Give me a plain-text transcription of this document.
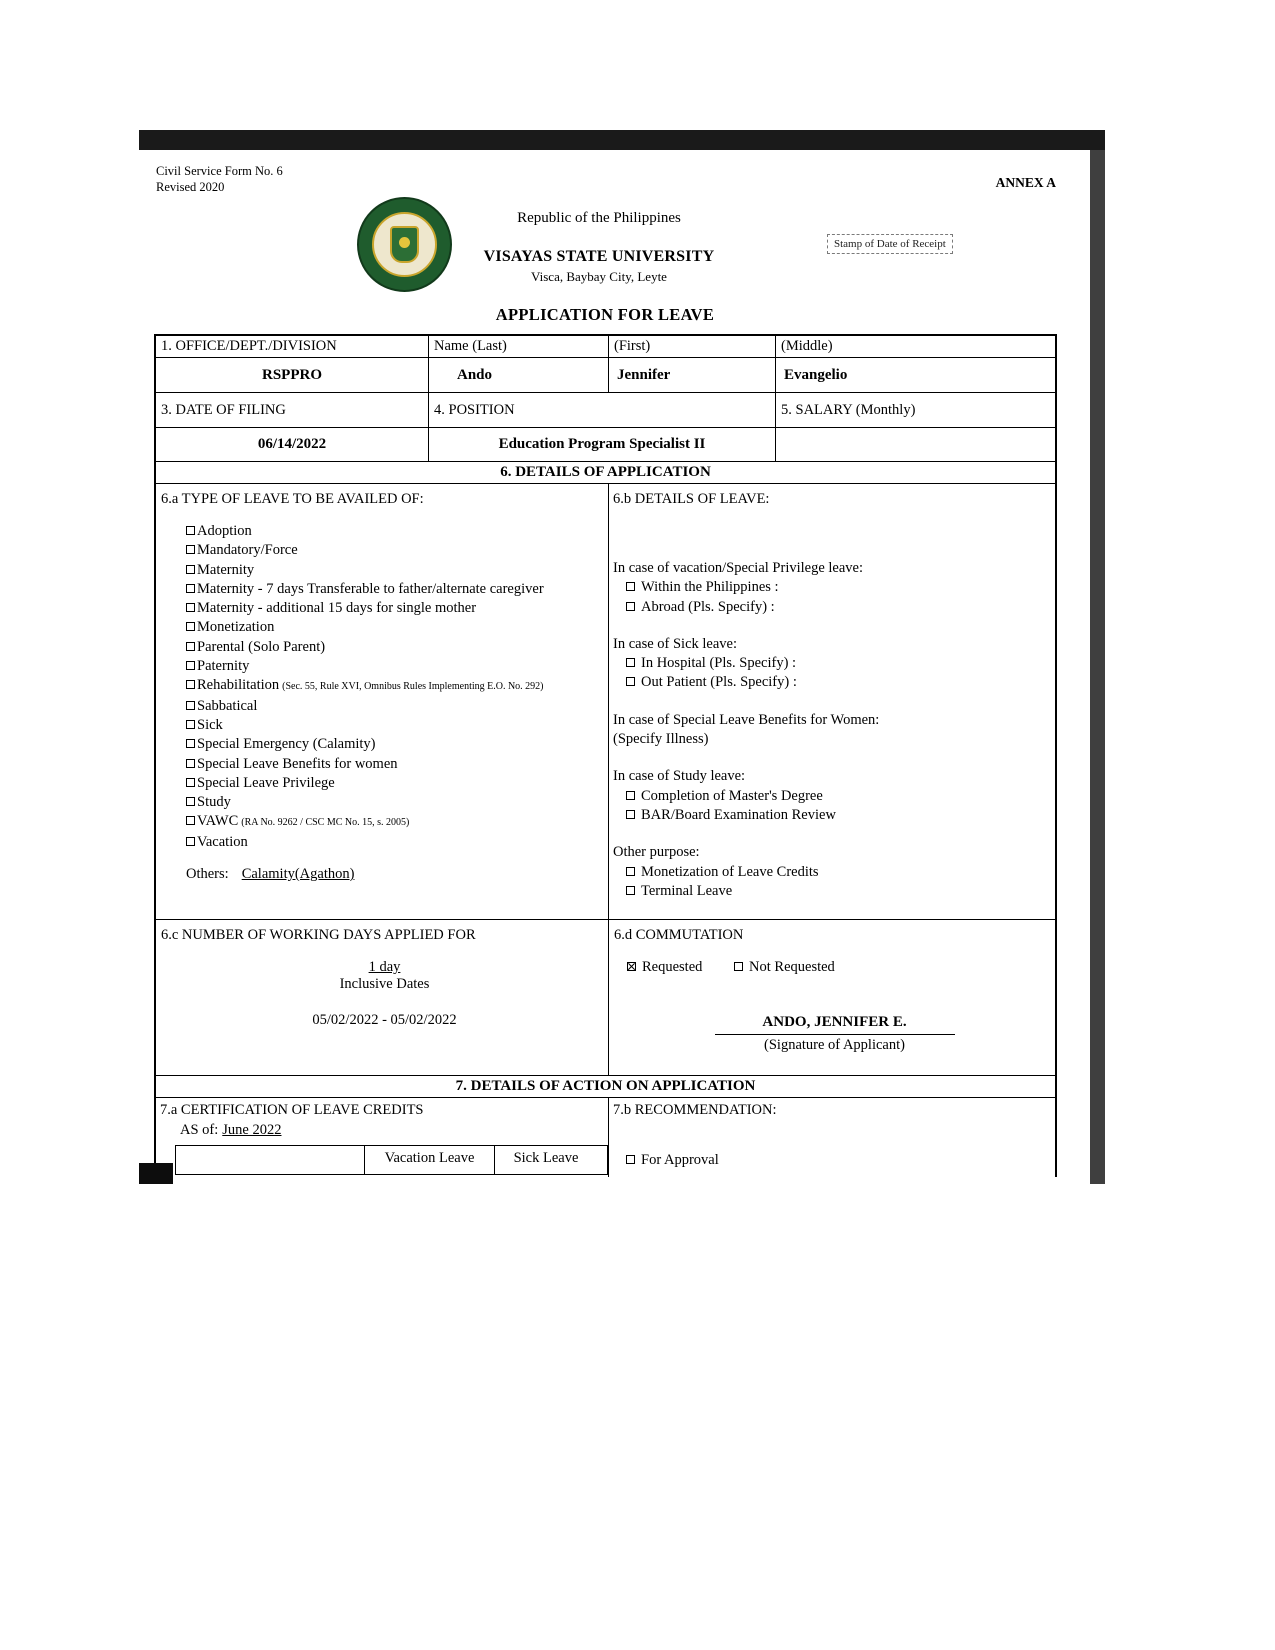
Civil Service Form No. 6
Revised 2020	ANNEX A
Republic of the Philippines
VISAYAS STATE UNIVERSITY
Visca, Baybay City, Leyte
Stamp of Date of Receipt
APPLICATION FOR LEAVE
1. OFFICE/DEPT./DIVISION	Name (Last)	(First)	(Middle)
RSPPRO	Ando	Jennifer	Evangelio
3. DATE OF FILING	4. POSITION	5. SALARY (Monthly)
06/14/2022	Education Program Specialist II
6. DETAILS OF APPLICATION
6.a TYPE OF LEAVE TO BE AVAILED OF:
Adoption
Mandatory/Force
Maternity
Maternity - 7 days Transferable to father/alternate caregiver
Maternity - additional 15 days for single mother
Monetization
Parental (Solo Parent)
Paternity
Rehabilitation (Sec. 55, Rule XVI, Omnibus Rules Implementing E.O. No. 292)
Sabbatical
Sick
Special Emergency (Calamity)
Special Leave Benefits for women
Special Leave Privilege
Study
VAWC (RA No. 9262 / CSC MC No. 15, s. 2005)
Vacation
Others: Calamity(Agathon)
6.b DETAILS OF LEAVE:
In case of vacation/Special Privilege leave:
Within the Philippines :
Abroad (Pls. Specify) :
In case of Sick leave:
In Hospital (Pls. Specify) :
Out Patient (Pls. Specify) :
In case of Special Leave Benefits for Women:
(Specify Illness)
In case of Study leave:
Completion of Master's Degree
BAR/Board Examination Review
Other purpose:
Monetization of Leave Credits
Terminal Leave
6.c NUMBER OF WORKING DAYS APPLIED FOR
1 day
Inclusive Dates
05/02/2022 - 05/02/2022
6.d COMMUTATION
Requested	Not Requested
ANDO, JENNIFER E.
(Signature of Applicant)
7. DETAILS OF ACTION ON APPLICATION
7.a CERTIFICATION OF LEAVE CREDITS
AS of: June 2022
Vacation Leave	Sick Leave
7.b RECOMMENDATION:
For Approval
